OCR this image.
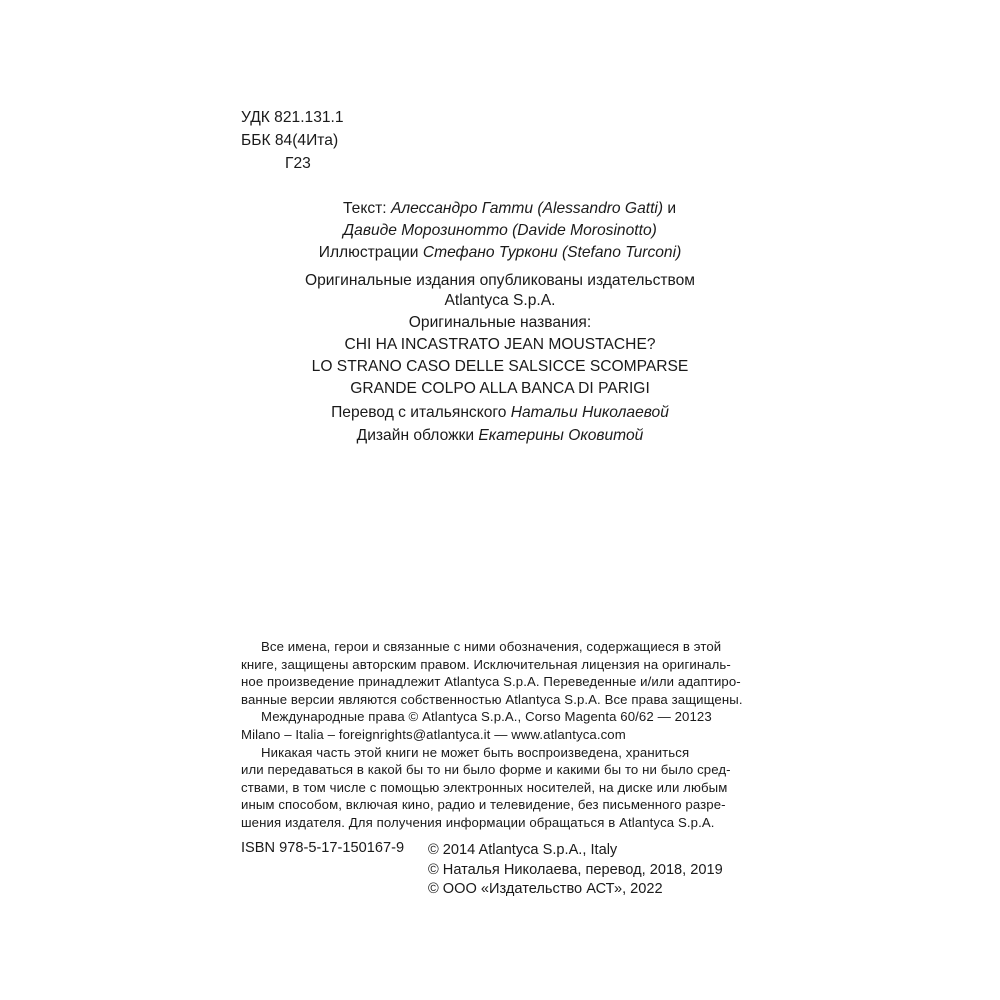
УДК 821.131.1
ББК 84(4Ита)
Г23
Текст: Алессандро Гатти (Alessandro Gatti) и
Давиде Морозинотто (Davide Morosinotto)
Иллюстрации Стефано Туркони (Stefano Turconi)
Оригинальные издания опубликованы издательством
Atlantyca S.p.A.
Оригинальные названия:
CHI HA INCASTRATO JEAN MOUSTACHE?
LO STRANO CASO DELLE SALSICCE SCOMPARSE
GRANDE COLPO ALLA BANCA DI PARIGI
Перевод с итальянского Натальи Николаевой
Дизайн обложки Екатерины Оковитой
Все имена, герои и связанные с ними обозначения, содержащиеся в этой
книге, защищены авторским правом. Исключительная лицензия на оригиналь-
ное произведение принадлежит Atlantyca S.p.A. Переведенные и/или адаптиро-
ванные версии являются собственностью Atlantyca S.p.A. Все права защищены.
Международные права © Atlantyca S.p.A., Corso Magenta 60/62 — 20123
Milano – Italia – foreignrights@atlantyca.it — www.atlantyca.com
Никакая часть этой книги не может быть воспроизведена, храниться
или передаваться в какой бы то ни было форме и какими бы то ни было сред-
ствами, в том числе с помощью электронных носителей, на диске или любым
иным способом, включая кино, радио и телевидение, без письменного разре-
шения издателя. Для получения информации обращаться в Atlantyca S.p.A.
ISBN 978-5-17-150167-9 © 2014 Atlantyca S.p.A., Italy
© Наталья Николаева, перевод, 2018, 2019
© ООО «Издательство АСТ», 2022
